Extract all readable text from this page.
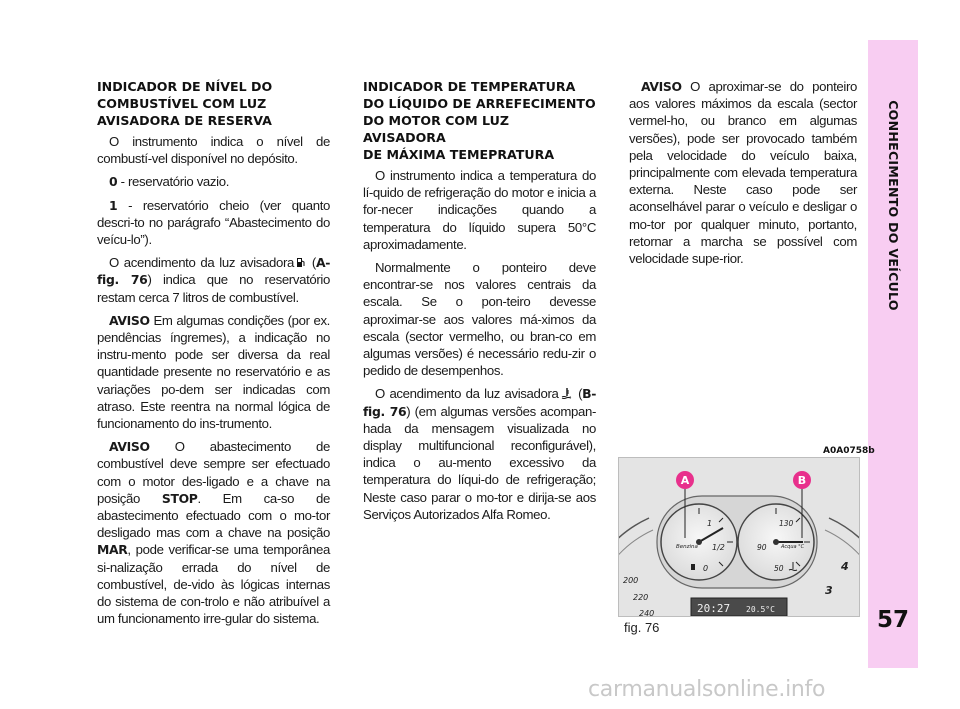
CONHECIMENTO DO VEÍCULO
57
INDICADOR DE NÍVEL DO COMBUSTÍVEL COM LUZ AVISADORA DE RESERVA

O instrumento indica o nível de combustí-vel disponível no depósito.

0 - reservatório vazio.

1 - reservatório cheio (ver quanto descri-to no parágrafo “Abastecimento do veícu-lo”).

O acendimento da luz avisadora (A-fig. 76) indica que no reservatório restam cerca 7 litros de combustível.

AVISO Em algumas condições (por ex. pendências íngremes), a indicação no instru-mento pode ser diversa da real quantidade presente no reservatório e as variações po-dem ser indicadas com atraso. Este reentra na normal lógica de funcionamento do ins-trumento.

AVISO O abastecimento de combustível deve sempre ser efectuado com o motor des-ligado e a chave na posição STOP. Em ca-so de abastecimento efectuado com o mo-tor desligado mas com a chave na posição MAR, pode verificar-se uma temporânea si-nalização errada do nível de combustível, de-vido às lógicas internas do sistema de con-trolo e não atribuível a um funcionamento irre-gular do sistema.

INDICADOR DE TEMPERATURA DO LÍQUIDO DE ARREFECIMENTO DO MOTOR COM LUZ AVISADORA
DE MÁXIMA TEMEPRATURA

O instrumento indica a temperatura do lí-quido de refrigeração do motor e inicia a for-necer indicações quando a temperatura do líquido supera 50°C aproximadamente.

Normalmente o ponteiro deve encontrar-se nos valores centrais da escala. Se o pon-teiro devesse aproximar-se aos valores má-ximos da escala (sector vermelho, ou bran-co em algumas versões) é necessário redu-zir o pedido de desempenhos.

O acendimento da luz avisadora (B-fig. 76) (em algumas versões acompan-hada da mensagem visualizada no display multifuncional reconfigurável), indica o au-mento excessivo da temperatura do líqui-do de refrigeração; Neste caso parar o mo-tor e dirija-se aos Serviços Autorizados Alfa Romeo.

AVISO O aproximar-se do ponteiro aos valores máximos da escala (sector vermel-ho, ou branco em algumas versões), pode ser provocado também pela velocidade do veículo baixa, principalmente com elevada temperatura externa. Neste caso pode ser aconselhável parar o veículo e desligar o mo-tor por qualquer minuto, portanto, retornar a marcha se possível com velocidade supe-rior.

A0A0758b
1
1/2
0
Benzina
130
90
50
Acqua °C
A	B
200
220
240
4
3
20:27 20.5°C
fig. 76
carmanualsonline.info
